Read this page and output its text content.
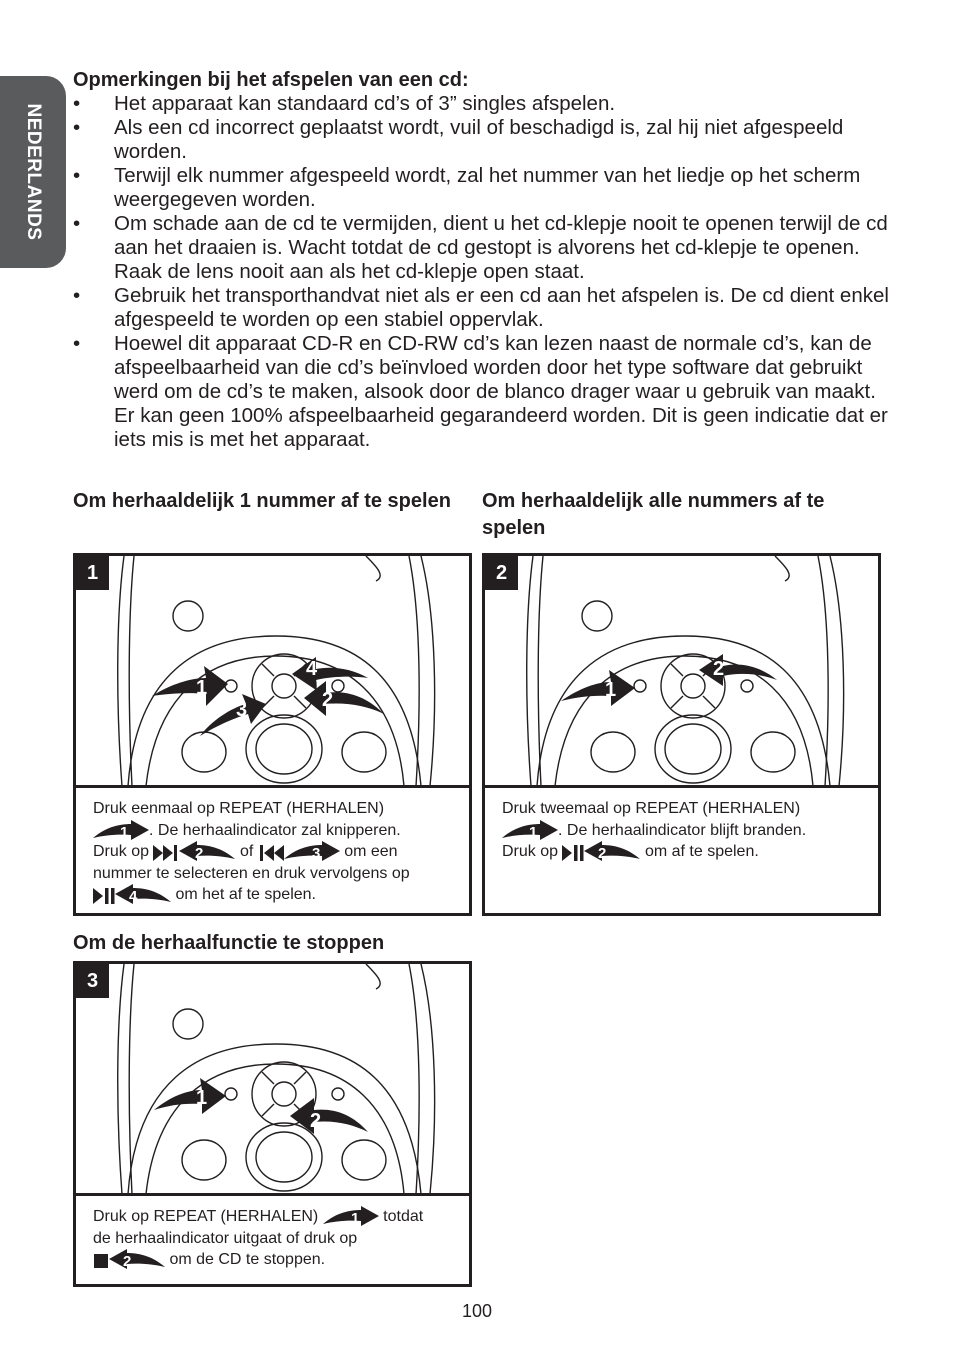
NEDERLANDS
Opmerkingen bij het afspelen van een cd:
• Het apparaat kan standaard cd’s of 3” singles afspelen.
• Als een cd incorrect geplaatst wordt, vuil of beschadigd is, zal hij niet afgespeeld worden.
• Terwijl elk nummer afgespeeld wordt, zal het nummer van het liedje op het scherm weergegeven worden.
• Om schade aan de cd te vermijden, dient u het cd-klepje nooit te openen terwijl de cd aan het draaien is. Wacht totdat de cd gestopt is alvorens het cd-klepje te openen. Raak de lens nooit aan als het cd-klepje open staat.
• Gebruik het transporthandvat niet als er een cd aan het afspelen is. De cd dient enkel afgespeeld te worden op een stabiel oppervlak.
• Hoewel dit apparaat CD-R en CD-RW cd’s kan lezen naast de normale cd’s, kan de afspeelbaarheid van die cd’s beïnvloed worden door het type software dat gebruikt werd om de cd’s te maken, alsook door de blanco drager waar u gebruik van maakt. Er kan geen 100% afspeelbaarheid gegarandeerd worden. Dit is geen indicatie dat er iets mis is met het apparaat.
Om herhaaldelijk 1 nummer af te spelen Om herhaaldelijk alle nummers af te spelen
Om de herhaalfunctie te stoppen
1
2
3
4
1
Druk eenmaal op REPEAT (HERHALEN)
1 . De herhaalindicator zal knipperen.
Druk op	2 of	3 om een
nummer te selecteren en druk vervolgens op
4 om het af te spelen.
1
2
2
Druk tweemaal op REPEAT (HERHALEN)
1 . De herhaalindicator blijft branden.
Druk op	2 om af te spelen.
1
2
3
Druk op REPEAT (HERHALEN) 1 totdat
de herhaalindicator uitgaat of druk op
2 om de CD te stoppen.
100
